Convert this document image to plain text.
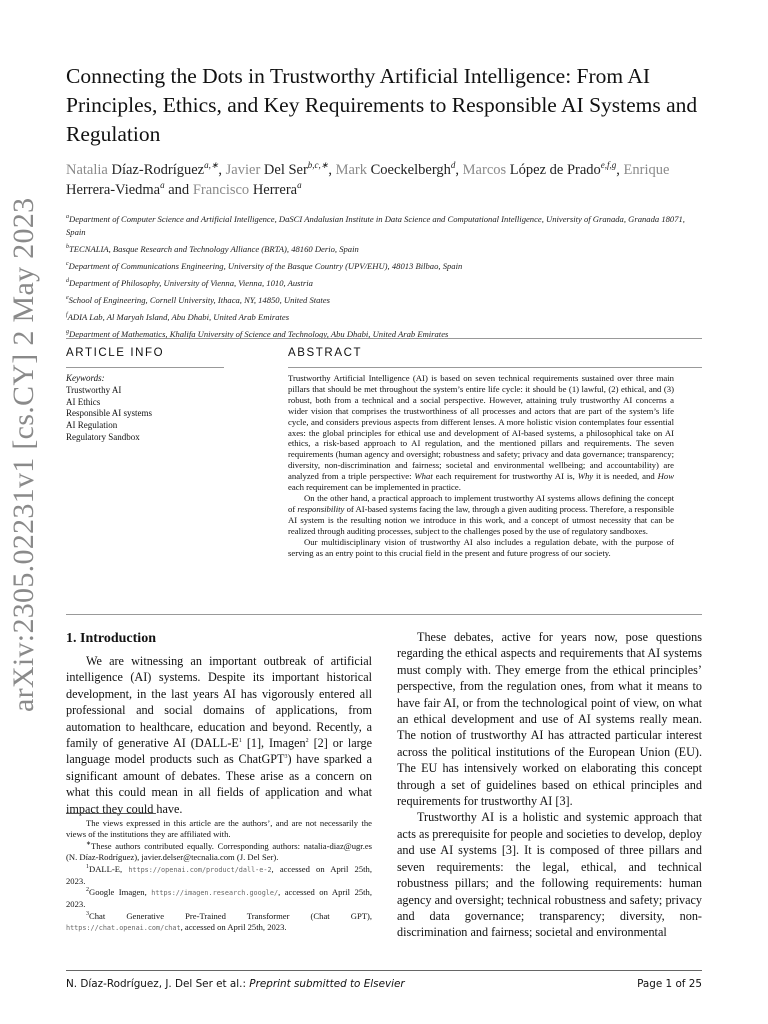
arXiv:2305.02231v1 [cs.CY] 2 May 2023
Connecting the Dots in Trustworthy Artificial Intelligence: From AI Principles, Ethics, and Key Requirements to Responsible AI Systems and Regulation
Natalia Díaz-Rodríguez$^{a,∗}$, Javier Del Ser$^{b,c,∗}$, Mark Coeckelbergh$^d$, Marcos López de Prado$^{e,f,g}$, Enrique Herrera-Viedma$^a$ and Francisco Herrera$^a$
$^a$Department of Computer Science and Artificial Intelligence, DaSCI Andalusian Institute in Data Science and Computational Intelligence, University of Granada, Granada 18071, Spain
$^b$TECNALIA, Basque Research and Technology Alliance (BRTA), 48160 Derio, Spain
$^c$Department of Communications Engineering, University of the Basque Country (UPV/EHU), 48013 Bilbao, Spain
$^d$Department of Philosophy, University of Vienna, Vienna, 1010, Austria
$^e$School of Engineering, Cornell University, Ithaca, NY, 14850, United States
$^f$ADIA Lab, Al Maryah Island, Abu Dhabi, United Arab Emirates
$^g$Department of Mathematics, Khalifa University of Science and Technology, Abu Dhabi, United Arab Emirates
ARTICLE INFO
Keywords:
Trustworthy AI
AI Ethics
Responsible AI systems
AI Regulation
Regulatory Sandbox
ABSTRACT

Trustworthy Artificial Intelligence (AI) is based on seven technical requirements sustained over three main pillars that should be met throughout the system’s entire life cycle: it should be (1) lawful, (2) ethical, and (3) robust, both from a technical and a social perspective. However, attaining truly trustworthy AI concerns a wider vision that comprises the trustworthiness of all processes and actors that are part of the system’s life cycle, and considers previous aspects from different lenses. A more holistic vision contemplates four essential axes: the global principles for ethical use and development of AI-based systems, a philosophical take on AI ethics, a risk-based approach to AI regulation, and the mentioned pillars and requirements. The seven requirements (human agency and oversight; robustness and safety; privacy and data governance; transparency; diversity, non-discrimination and fairness; societal and environmental wellbeing; and accountability) are analyzed from a triple perspective: What each requirement for trustworthy AI is, Why it is needed, and How each requirement can be implemented in practice.

On the other hand, a practical approach to implement trustworthy AI systems allows defining the concept of responsibility of AI-based systems facing the law, through a given auditing process. Therefore, a responsible AI system is the resulting notion we introduce in this work, and a concept of utmost necessity that can be realized through auditing processes, subject to the challenges posed by the use of regulatory sandboxes.

Our multidisciplinary vision of trustworthy AI also includes a regulation debate, with the purpose of serving as an entry point to this crucial field in the present and future progress of our society.

1. Introduction

We are witnessing an important outbreak of artificial intelligence (AI) systems. Despite its important historical development, in the last years AI has vigorously entered all professional and social domains of applications, from automation to healthcare, education and beyond. Recently, a family of generative AI ($DALL-E^1$ [1], Imagen$^2$ [2] or large language model products such as ChatGPT$^3$) have sparked a significant amount of debates. These arise as a concern on what this could mean in all fields of application and what impact they could have.

The views expressed in this article are the authors’, and are not necessarily the views of the institutions they are affiliated with.

∗These authors contributed equally. Corresponding authors: natalia-diaz@ugr.es (N. Díaz-Rodríguez), javier.delser@tecnalia.com (J. Del Ser).

$^1$DALL-E, https://openai.com/product/dall-e-2, accessed on April 25th, 2023.

$^2$Google Imagen, https://imagen.research.google/, accessed on April 25th, 2023.

$^3$Chat Generative Pre-Trained Transformer (Chat GPT), https://chat.openai.com/chat, accessed on April 25th, 2023.

These debates, active for years now, pose questions regarding the ethical aspects and requirements that AI systems must comply with. They emerge from the ethical principles’ perspective, from the regulation ones, from what it means to have fair AI, or from the technological point of view, on what an ethical development and use of AI systems really mean. The notion of trustworthy AI has attracted particular interest across the political institutions of the European Union (EU). The EU has intensively worked on elaborating this concept through a set of guidelines based on ethical principles and requirements for trustworthy AI [3].

Trustworthy AI is a holistic and systemic approach that acts as prerequisite for people and societies to develop, deploy and use AI systems [3]. It is composed of three pillars and seven requirements: the legal, ethical, and technical robustness pillars; and the following requirements: human agency and oversight; technical robustness and safety; privacy and data governance; transparency; diversity, non-discrimination and fairness; societal and environmental

N. Díaz-Rodríguez, J. Del Ser et al.: Preprint submitted to Elsevier	Page 1 of 25
